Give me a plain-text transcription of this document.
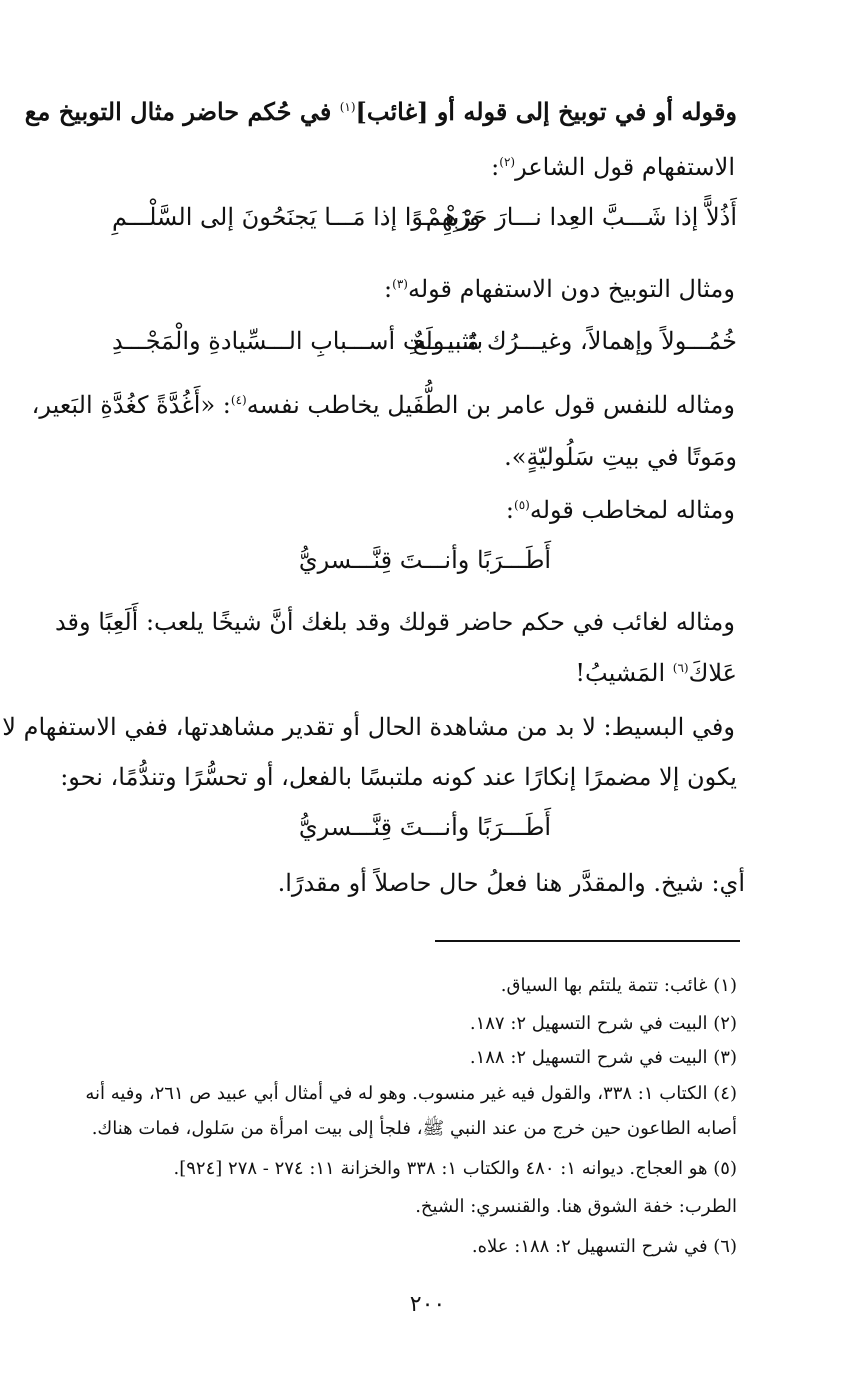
وقوله أو في توبيخ إلى قوله أو [غائب]$^{(١)}$ في حُكم حاضر مثال التوبيخ مع
الاستفهام قول الشاعر$^{(٢)}$:
أَذُلاًّ إذا شَـــبَّ العِدا نـــارَ حَرْبِهِمْ
وزَهْـــوًا إذا مَـــا يَجنَحُونَ إلى السَّلْـــمِ
ومثال التوبيخ دون الاستفهام قوله$^{(٣)}$:
خُمُـــولاً وإهمالاً، وغيـــرُك مُـــولَعٌ
بتَثبيـــتِ أســـبابِ الـــسِّيادةِ والْمَجْـــدِ
ومثاله للنفس قول عامر بن الطُّفَيل يخاطب نفسه$^{(٤)}$: «أَغُدَّةً كغُدَّةِ البَعير،
ومَوتًا في بيتِ سَلُوليّةٍ».
ومثاله لمخاطب قوله$^{(٥)}$:
أَطَـــرَبًا وأنـــتَ قِنَّـــسريُّ
ومثاله لغائب في حكم حاضر قولك وقد بلغك أنَّ شيخًا يلعب: أَلَعِبًا وقد
عَلاكَ$^{(٦)}$ المَشيبُ!
وفي البسيط: لا بد من مشاهدة الحال أو تقدير مشاهدتها، ففي الاستفهام لا
يكون إلا مضمرًا إنكارًا عند كونه ملتبسًا بالفعل، أو تحسُّرًا وتندُّمًا، نحو:
أَطَـــرَبًا وأنـــتَ قِنَّـــسريُّ
أي: شيخ. والمقدَّر هنا فعلُ حال حاصلاً أو مقدرًا.
(١) غائب: تتمة يلتئم بها السياق.
(٢) البيت في شرح التسهيل ٢: ١٨٧.
(٣) البيت في شرح التسهيل ٢: ١٨٨.
(٤) الكتاب ١: ٣٣٨، والقول فيه غير منسوب. وهو له في أمثال أبي عبيد ص ٢٦١، وفيه أنه
أصابه الطاعون حين خرج من عند النبي ﷺ، فلجأ إلى بيت امرأة من سَلول، فمات هناك.
(٥) هو العجاج. ديوانه ١: ٤٨٠ والكتاب ١: ٣٣٨ والخزانة ١١: ٢٧٤ - ٢٧٨ [٩٢٤].
الطرب: خفة الشوق هنا. والقنسري: الشيخ.
(٦) في شرح التسهيل ٢: ١٨٨: علاه.
٢٠٠
